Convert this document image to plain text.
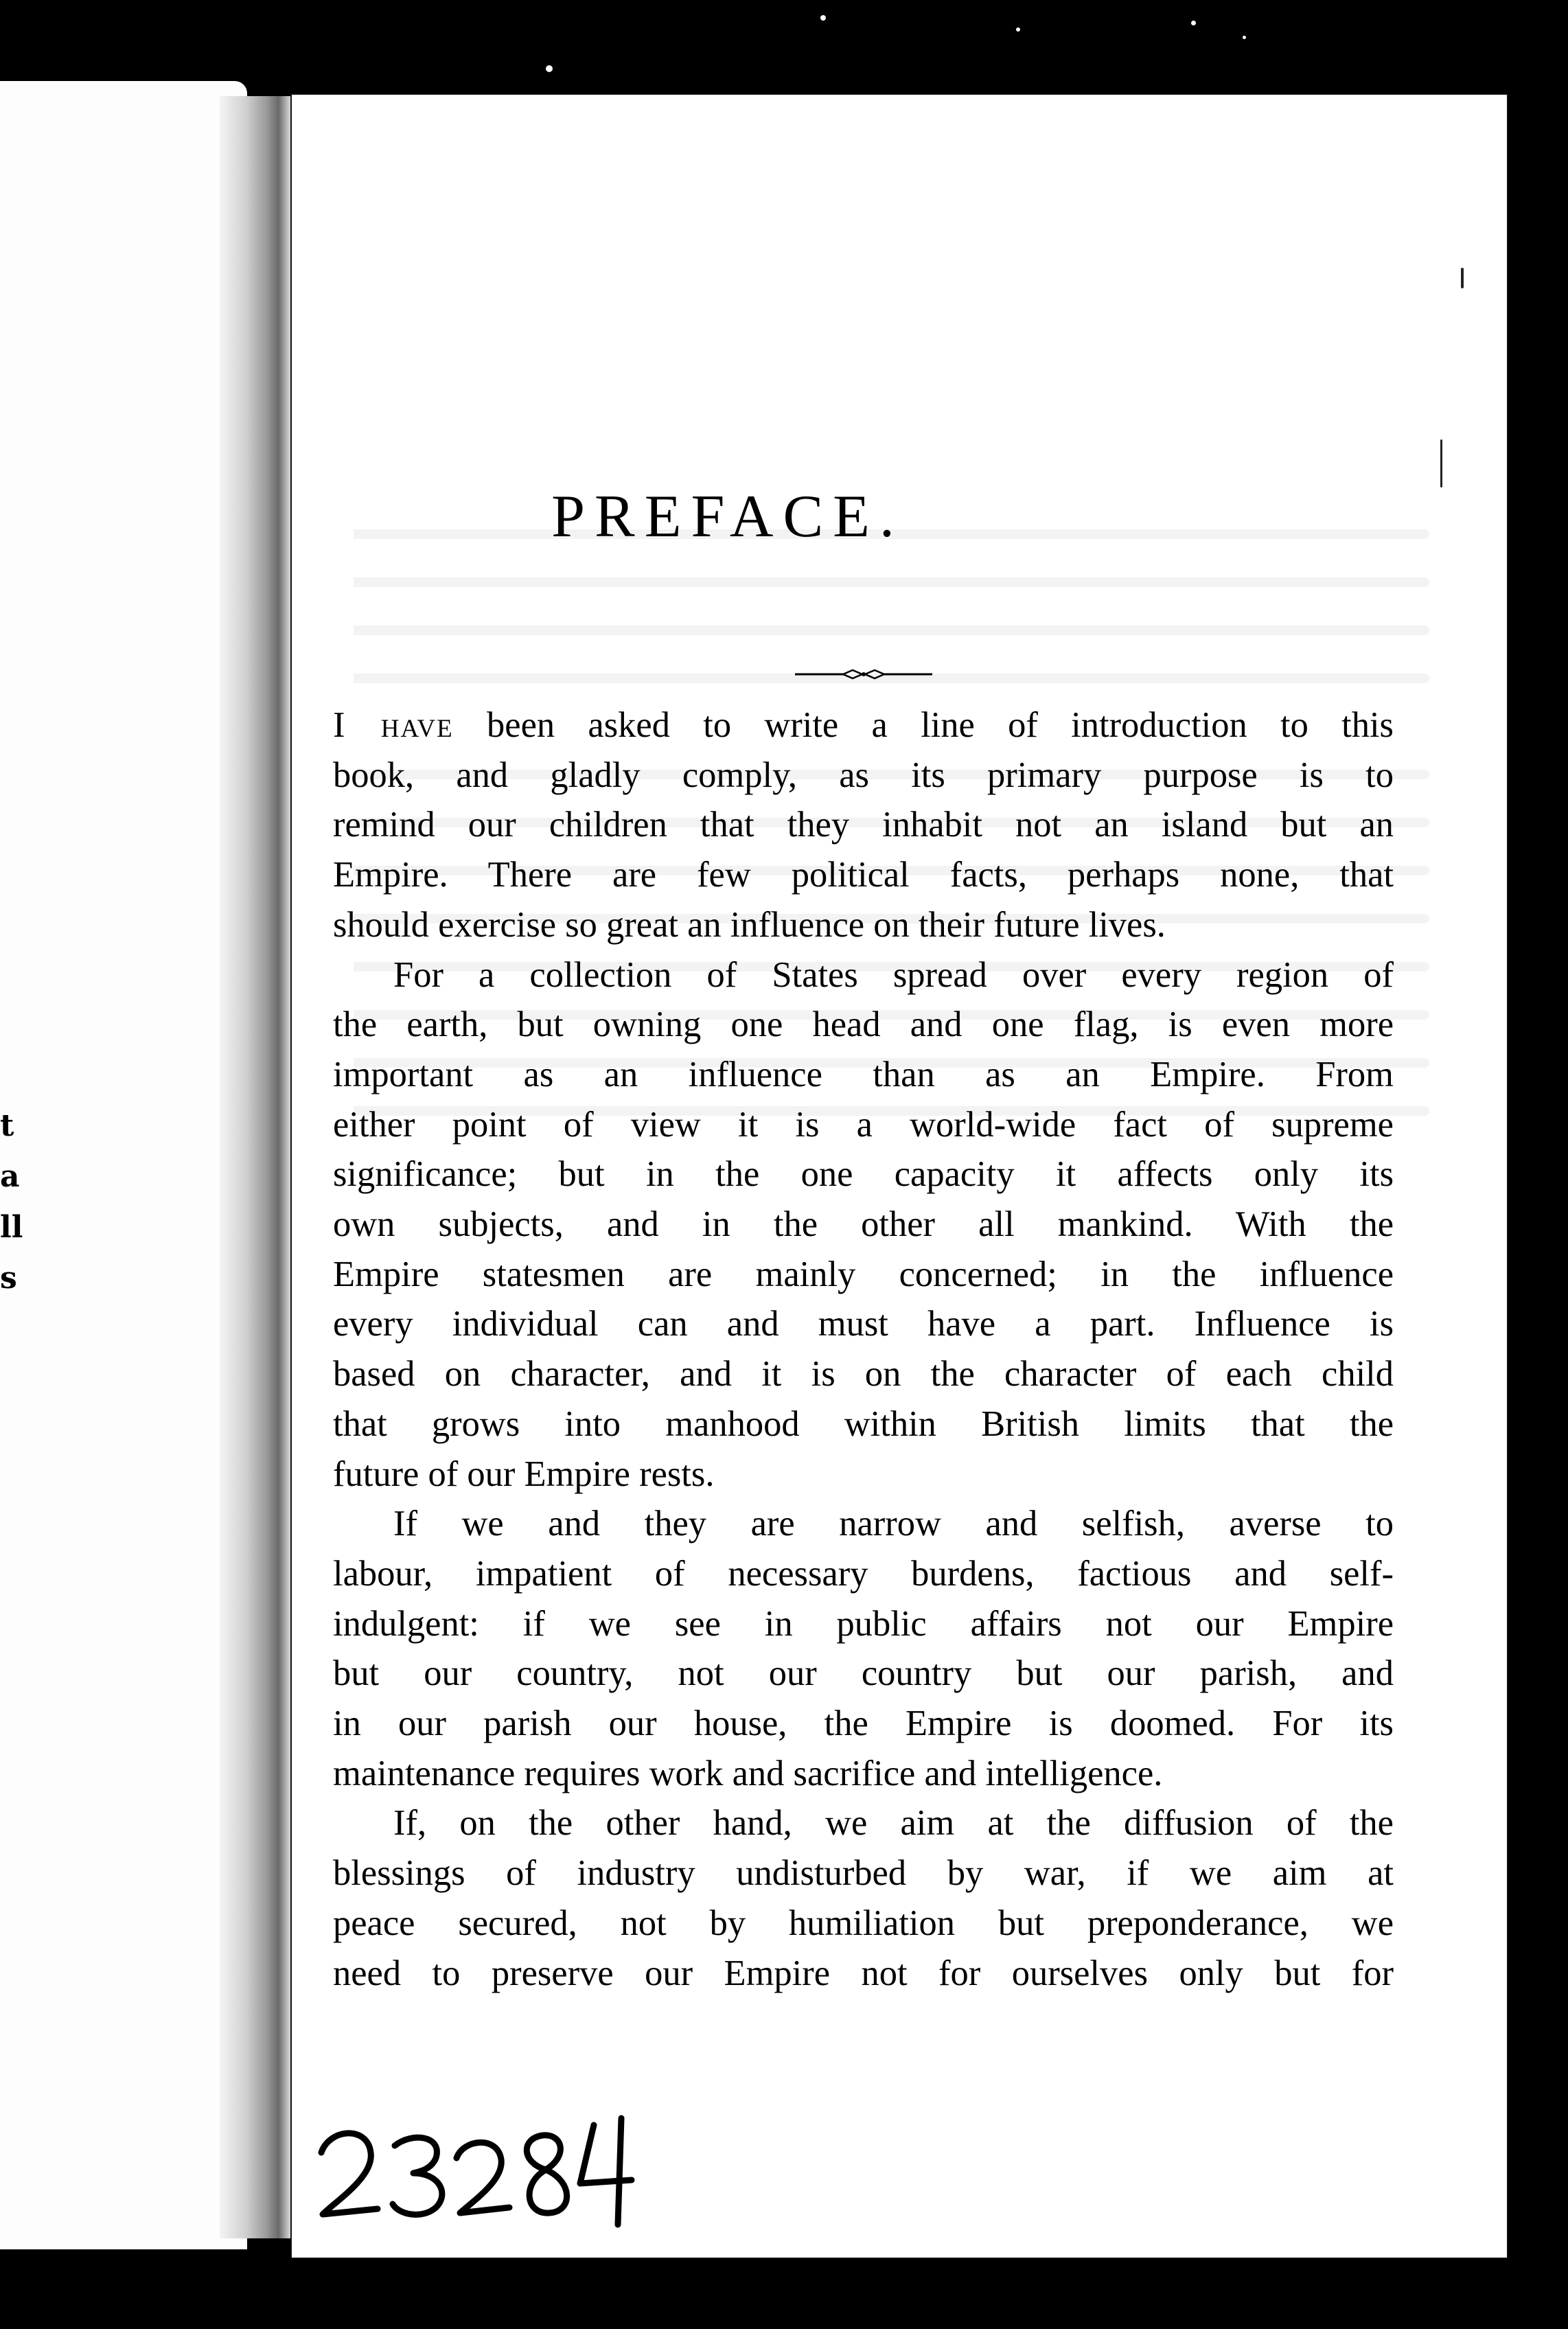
t
a
ll
s
PREFACE.

I have been asked to write a line of introduction to this
book, and gladly comply, as its primary purpose is to
remind our children that they inhabit not an island but an
Empire. There are few political facts, perhaps none, that
should exercise so great an influence on their future lives.

For a collection of States spread over every region of
the earth, but owning one head and one flag, is even more
important as an influence than as an Empire. From
either point of view it is a world-wide fact of supreme
significance; but in the one capacity it affects only its
own subjects, and in the other all mankind. With the
Empire statesmen are mainly concerned; in the influence
every individual can and must have a part. Influence is
based on character, and it is on the character of each child
that grows into manhood within British limits that the
future of our Empire rests.

If we and they are narrow and selfish, averse to
labour, impatient of necessary burdens, factious and self-
indulgent: if we see in public affairs not our Empire
but our country, not our country but our parish, and
in our parish our house, the Empire is doomed. For its
maintenance requires work and sacrifice and intelligence.

If, on the other hand, we aim at the diffusion of the
blessings of industry undisturbed by war, if we aim at
peace secured, not by humiliation but preponderance, we
need to preserve our Empire not for ourselves only but for
